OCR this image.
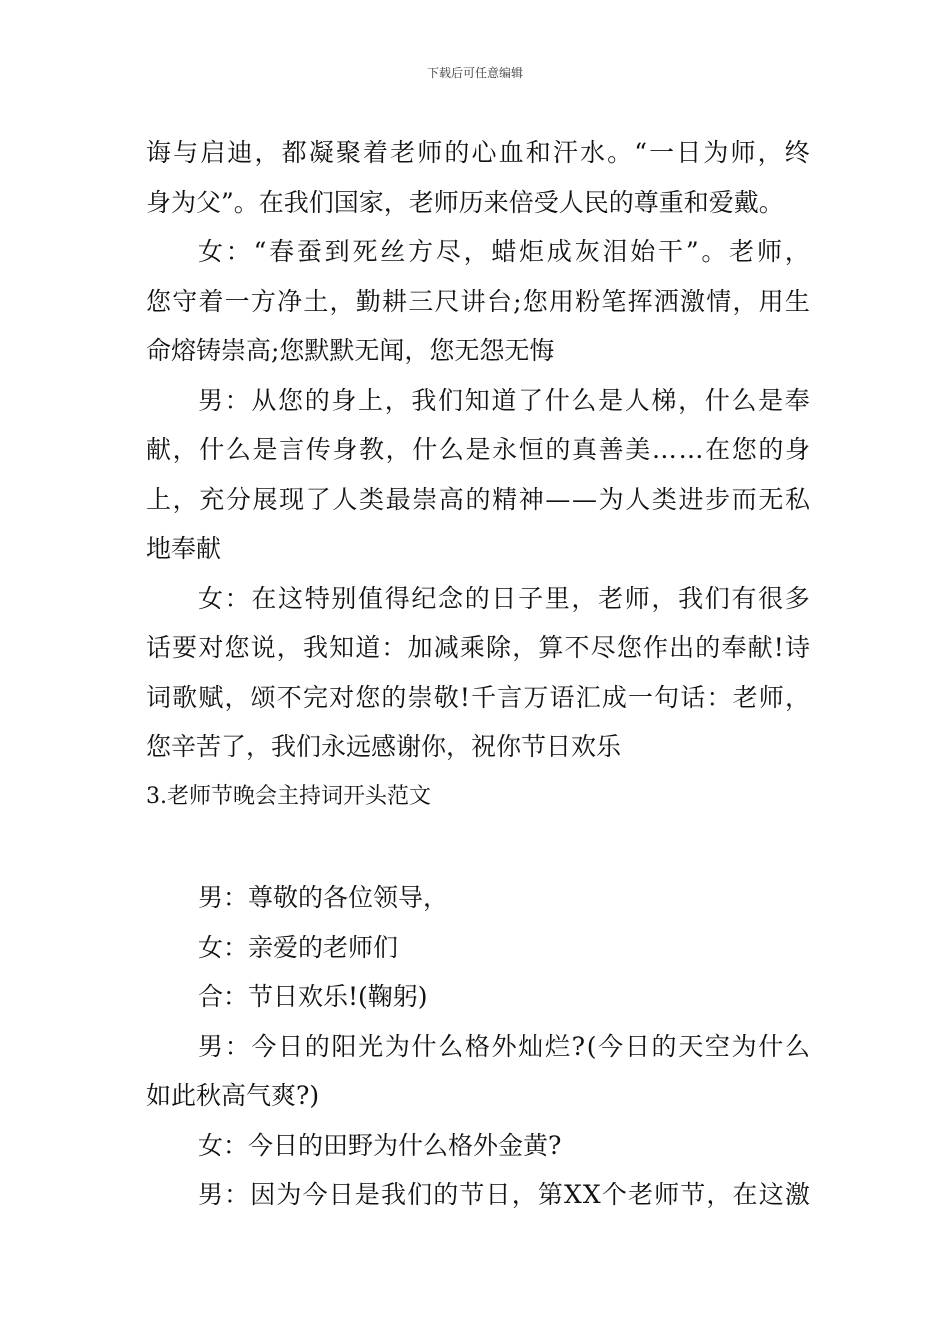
下载后可任意编辑
诲 与 启 迪 ， 都 凝 聚 着 老 师 的 心 血 和 汗 水 。 “ 一 日 为 师 ， 终
身为父”。在我们国家，老师历来倍受人民的尊重和爱戴。
女 ： “ 春 蚕 到 死 丝 方 尽 ， 蜡 炬 成 灰 泪 始 干 ” 。 老 师 ，
您 守 着 一 方 净 土 ， 勤 耕 三 尺 讲 台 ; 您 用 粉 笔 挥 洒 激 情 ， 用 生
命熔铸崇高;您默默无闻，您无怨无悔
男 ： 从 您 的 身 上 ， 我 们 知 道 了 什 么 是 人 梯 ， 什 么 是 奉
献 ， 什 么 是 言 传 身 教 ， 什 么 是 永 恒 的 真 善 美 … … 在 您 的 身
上 ， 充 分 展 现 了 人 类 最 崇 高 的 精 神 — — 为 人 类 进 步 而 无 私
地奉献
女 ： 在 这 特 别 值 得 纪 念 的 日 子 里 ， 老 师 ， 我 们 有 很 多
话 要 对 您 说 ， 我 知 道 ： 加 减 乘 除 ， 算 不 尽 您 作 出 的 奉 献 ! 诗
词 歌 赋 ， 颂 不 完 对 您 的 崇 敬 ! 千 言 万 语 汇 成 一 句 话 ： 老 师 ，
您辛苦了，我们永远感谢你，祝你节日欢乐
3.老师节晚会主持词开头范文
男：尊敬的各位领导，
女：亲爱的老师们
合：节日欢乐!(鞠躬)
男 ： 今 日 的 阳 光 为 什 么 格 外 灿 烂 ? ( 今 日 的 天 空 为 什 么
如此秋高气爽?)
女：今日的田野为什么格外金黄?
男 ： 因 为 今 日 是 我 们 的 节 日 ， 第 X X 个 老 师 节 ， 在 这 激
